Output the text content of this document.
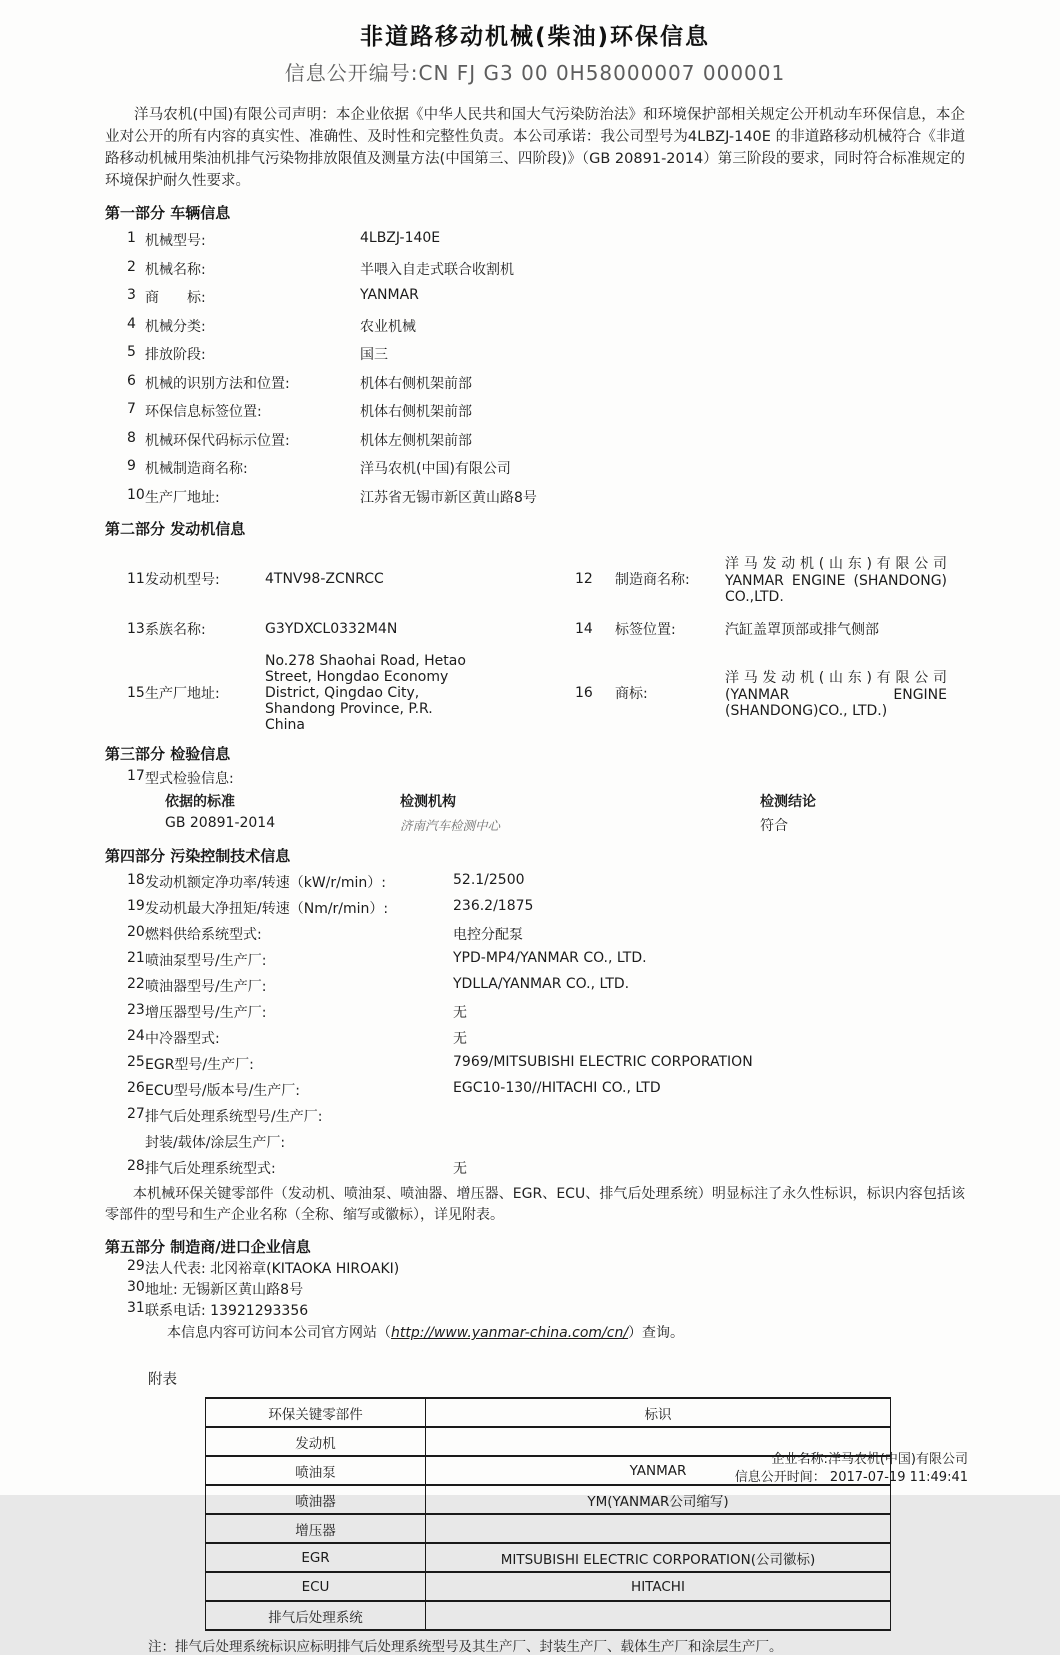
非道路移动机械(柴油)环保信息
信息公开编号:CN FJ G3 00 0H58000007 000001
洋马农机(中国)有限公司声明：本企业依据《中华人民共和国大气污染防治法》和环境保护部相关规定公开机动车环保信息，本企业对公开的所有内容的真实性、准确性、及时性和完整性负责。本公司承诺：我公司型号为4LBZJ-140E 的非道路移动机械符合《非道路移动机械用柴油机排气污染物排放限值及测量方法(中国第三、四阶段)》（GB 20891-2014）第三阶段的要求，同时符合标准规定的环境保护耐久性要求。
第一部分 车辆信息
1 机械型号:	4LBZJ-140E
2 机械名称:	半喂入自走式联合收割机
3 商　　标:	YANMAR
4 机械分类:	农业机械
5 排放阶段:	国三
6 机械的识别方法和位置:	机体右侧机架前部
7 环保信息标签位置:	机体右侧机架前部
8 机械环保代码标示位置:	机体左侧机架前部
9 机械制造商名称:	洋马农机(中国)有限公司
10 生产厂地址:	江苏省无锡市新区黄山路8号
第二部分 发动机信息
11 发动机型号:	4TNV98-ZCNRCC	12	制造商名称:
洋马发动机(山东)有限公司 YANMAR ENGINE (SHANDONG) CO.,LTD.
13 系族名称:	G3YDXCL0332M4N	14	标签位置:	汽缸盖罩顶部或排气侧部
15 生产厂地址:
No.278 Shaohai Road, Hetao Street, Hongdao Economy District, Qingdao City, Shandong Province, P.R. China
16	商标:
洋马发动机(山东)有限公司 (YANMAR ENGINE (SHANDONG)CO., LTD.)
第三部分 检验信息
17 型式检验信息:
依据的标准	检测机构	检测结论
GB 20891-2014	济南汽车检测中心	符合
第四部分 污染控制技术信息
18 发动机额定净功率/转速（kW/r/min）:	52.1/2500
19 发动机最大净扭矩/转速（Nm/r/min）:	236.2/1875
20 燃料供给系统型式:	电控分配泵
21 喷油泵型号/生产厂:	YPD-MP4/YANMAR CO., LTD.
22 喷油器型号/生产厂:	YDLLA/YANMAR CO., LTD.
23 增压器型号/生产厂:	无
24 中冷器型式:	无
25 EGR型号/生产厂:	7969/MITSUBISHI ELECTRIC CORPORATION
26 ECU型号/版本号/生产厂:	EGC10-130//HITACHI CO., LTD
27 排气后处理系统型号/生产厂:
封装/载体/涂层生产厂:
28 排气后处理系统型式:	无
本机械环保关键零部件（发动机、喷油泵、喷油器、增压器、EGR、ECU、排气后处理系统）明显标注了永久性标识，标识内容包括该零部件的型号和生产企业名称（全称、缩写或徽标），详见附表。
第五部分 制造商/进口企业信息
29 法人代表: 北冈裕章(KITAOKA HIROAKI)
30 地址: 无锡新区黄山路8号
31 联系电话: 13921293356
本信息内容可访问本公司官方网站（http://www.yanmar-china.com/cn/）查询。
附表
环保关键零部件	标识
发动机	
喷油泵	YANMAR
喷油器	YM(YANMAR公司缩写)
增压器	
EGR	MITSUBISHI ELECTRIC CORPORATION(公司徽标)
ECU	HITACHI
排气后处理系统	
注：排气后处理系统标识应标明排气后处理系统型号及其生产厂、封装生产厂、载体生产厂和涂层生产厂。
企业名称:洋马农机(中国)有限公司
信息公开时间： 2017-07-19 11:49:41
